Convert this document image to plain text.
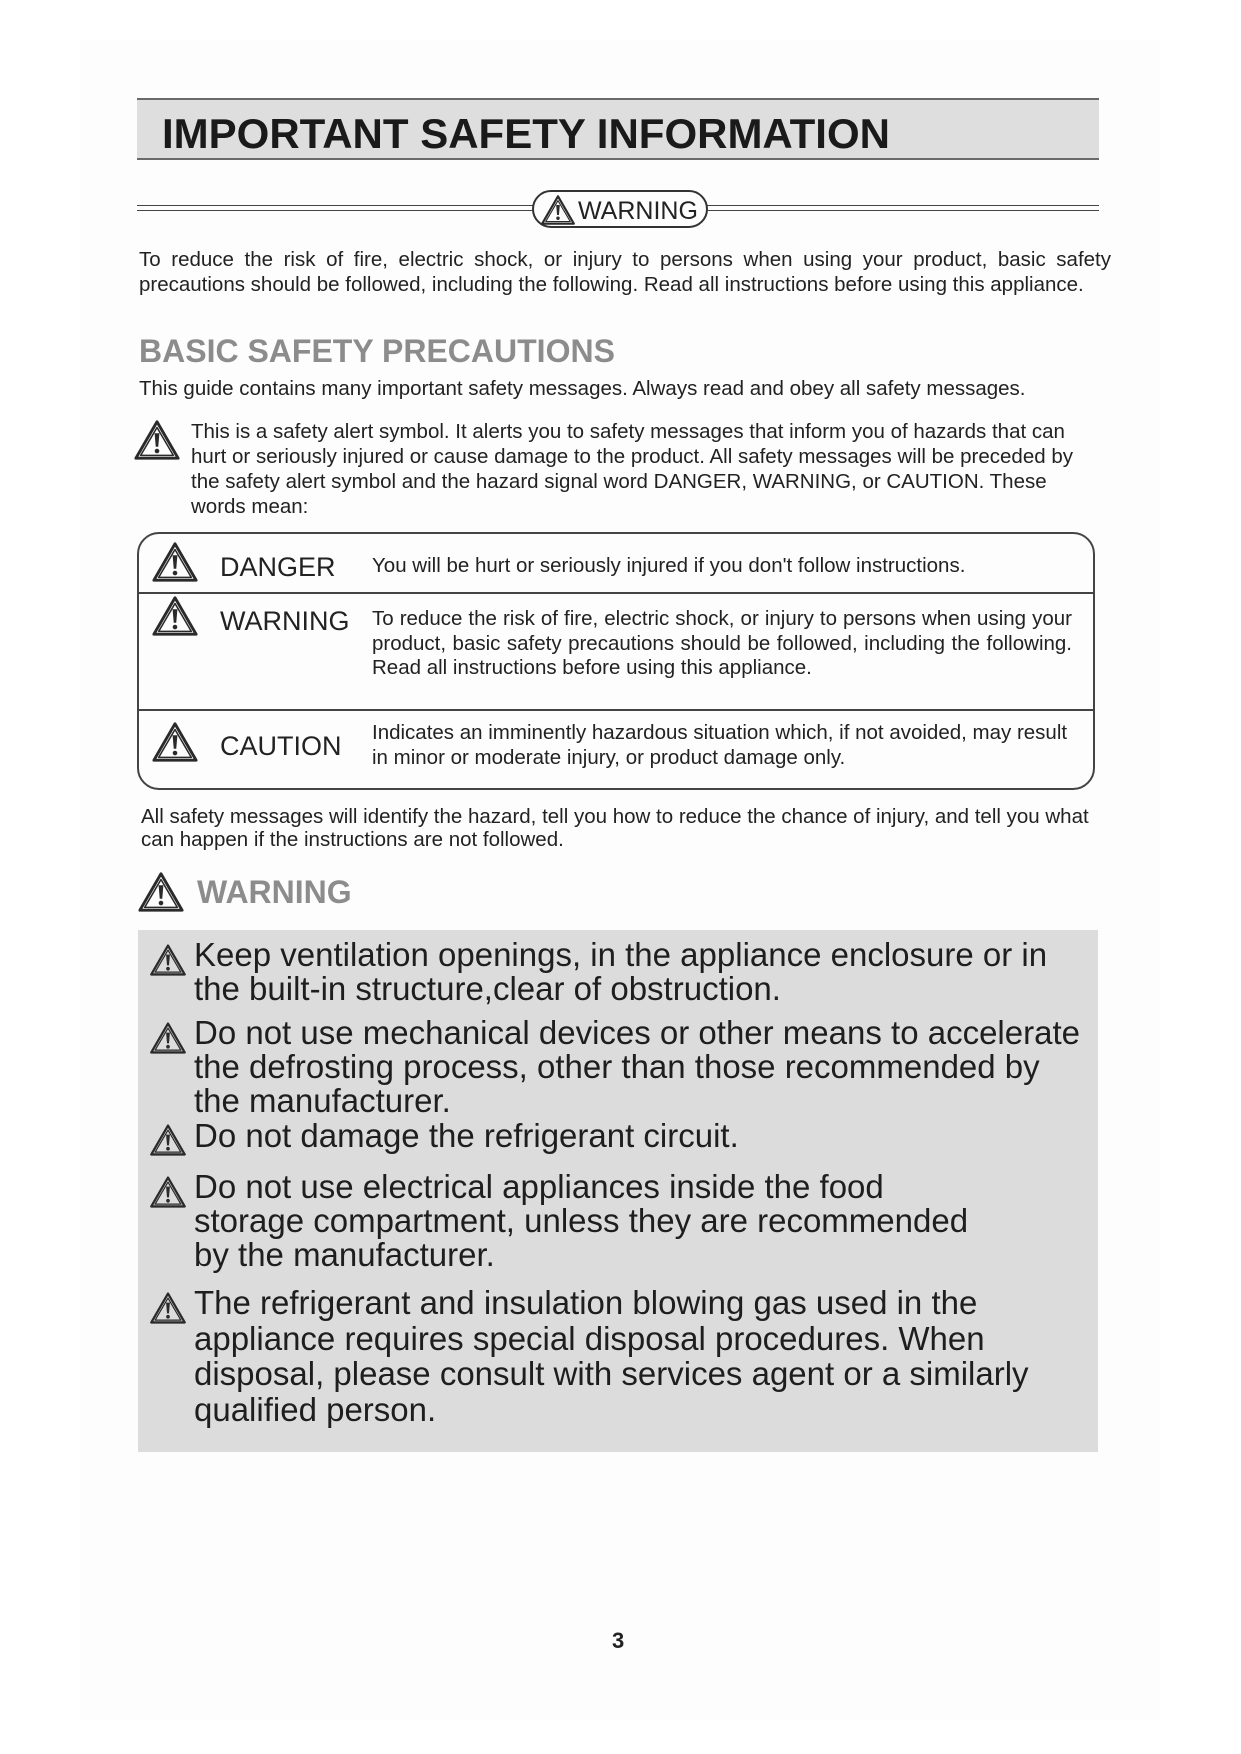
IMPORTANT SAFETY INFORMATION
WARNING
To reduce the risk of fire, electric shock, or injury to persons when using your product, basic safety precautions should be followed, including the following. Read all instructions before using this appliance.
BASIC SAFETY PRECAUTIONS
This guide contains many important safety messages. Always read and obey all safety messages.
This is a safety alert symbol. It alerts you to safety messages that inform you of hazards that can hurt or seriously injured or cause damage to the product. All safety messages will be preceded by the safety alert symbol and the hazard signal word DANGER, WARNING, or CAUTION. These words mean:
DANGER You will be hurt or seriously injured if you don't follow instructions.
WARNING To reduce the risk of fire, electric shock, or injury to persons when using your product, basic safety precautions should be followed, including the following. Read all instructions before using this appliance.
CAUTION Indicates an imminently hazardous situation which, if not avoided, may result in minor or moderate injury, or product damage only.
All safety messages will identify the hazard, tell you how to reduce the chance of injury, and tell you what can happen if the instructions are not followed.
WARNING
Keep ventilation openings, in the appliance enclosure or in the built-in structure,clear of obstruction.
Do not use mechanical devices or other means to accelerate the defrosting process, other than those recommended by the manufacturer.
Do not damage the refrigerant circuit.
Do not use electrical appliances inside the food storage compartment, unless they are recommended by the manufacturer.
The refrigerant and insulation blowing gas used in the appliance requires special disposal procedures. When disposal, please consult with services agent or a similarly qualified person.
3
